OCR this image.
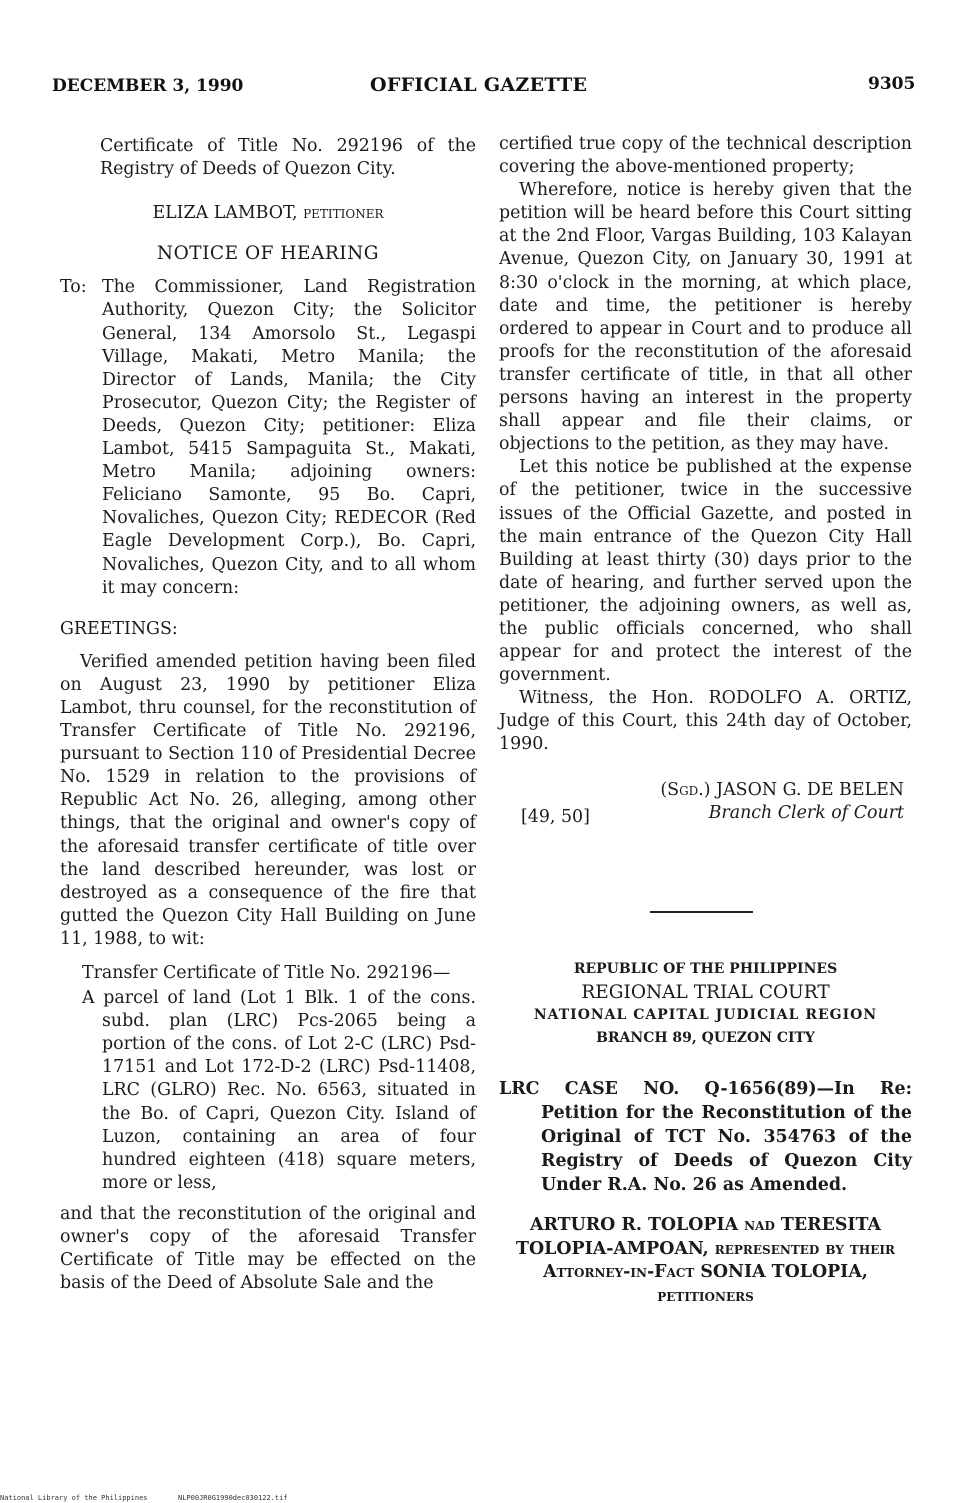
DECEMBER 3, 1990	OFFICIAL GAZETTE	9305

Certificate of Title No. 292196 of the Registry of Deeds of Quezon City.

ELIZA LAMBOT, petitioner

NOTICE OF HEARING

To: The Commissioner, Land Registration Authority, Quezon City; the Solicitor General, 134 Amorsolo St., Legaspi Village, Makati, Metro Manila; the Director of Lands, Manila; the City Prosecutor, Quezon City; the Register of Deeds, Quezon City; petitioner: Eliza Lambot, 5415 Sampaguita St., Makati, Metro Manila; adjoining owners: Feliciano Samonte, 95 Bo. Capri, Novaliches, Quezon City; REDECOR (Red Eagle Development Corp.), Bo. Capri, Novaliches, Quezon City, and to all whom it may concern:

GREETINGS:

Verified amended petition having been filed on August 23, 1990 by petitioner Eliza Lambot, thru counsel, for the reconstitution of Transfer Certificate of Title No. 292196, pursuant to Section 110 of Presidential Decree No. 1529 in relation to the provisions of Republic Act No. 26, alleging, among other things, that the original and owner's copy of the aforesaid transfer certificate of title over the land described hereunder, was lost or destroyed as a consequence of the fire that gutted the Quezon City Hall Building on June 11, 1988, to wit:

Transfer Certificate of Title No. 292196—

A parcel of land (Lot 1 Blk. 1 of the cons. subd. plan (LRC) Pcs-2065 being a portion of the cons. of Lot 2-C (LRC) Psd-17151 and Lot 172-D-2 (LRC) Psd-11408, LRC (GLRO) Rec. No. 6563, situated in the Bo. of Capri, Quezon City. Island of Luzon, containing an area of four hundred eighteen (418) square meters, more or less,

and that the reconstitution of the original and owner's copy of the aforesaid Transfer Certificate of Title may be effected on the basis of the Deed of Absolute Sale and the

certified true copy of the technical description covering the above-mentioned property;

Wherefore, notice is hereby given that the petition will be heard before this Court sitting at the 2nd Floor, Vargas Building, 103 Kalayan Avenue, Quezon City, on January 30, 1991 at 8:30 o'clock in the morning, at which place, date and time, the petitioner is hereby ordered to appear in Court and to produce all proofs for the reconstitution of the aforesaid transfer certificate of title, in that all other persons having an interest in the property shall appear and file their claims, or objections to the petition, as they may have.

Let this notice be published at the expense of the petitioner, twice in the successive issues of the Official Gazette, and posted in the main entrance of the Quezon City Hall Building at least thirty (30) days prior to the date of hearing, and further served upon the petitioner, the adjoining owners, as well as, the public officials concerned, who shall appear for and protect the interest of the government.

Witness, the Hon. RODOLFO A. ORTIZ, Judge of this Court, this 24th day of October, 1990.

(Sgd.) JASON G. DE BELEN
Branch Clerk of Court
[49, 50]
REPUBLIC OF THE PHILIPPINES
REGIONAL TRIAL COURT
NATIONAL CAPITAL JUDICIAL REGION
BRANCH 89, QUEZON CITY

LRC CASE NO. Q-1656(89)—In Re: Petition for the Reconstitution of the Original of TCT No. 354763 of the Registry of Deeds of Quezon City Under R.A. No. 26 as Amended.

ARTURO R. TOLOPIA nad TERESITA TOLOPIA-AMPOAN, represented by their Attorney-in-Fact SONIA TOLOPIA, petitioners

National Library of the Philippines	NLP00JR0G1990dec030122.tif
